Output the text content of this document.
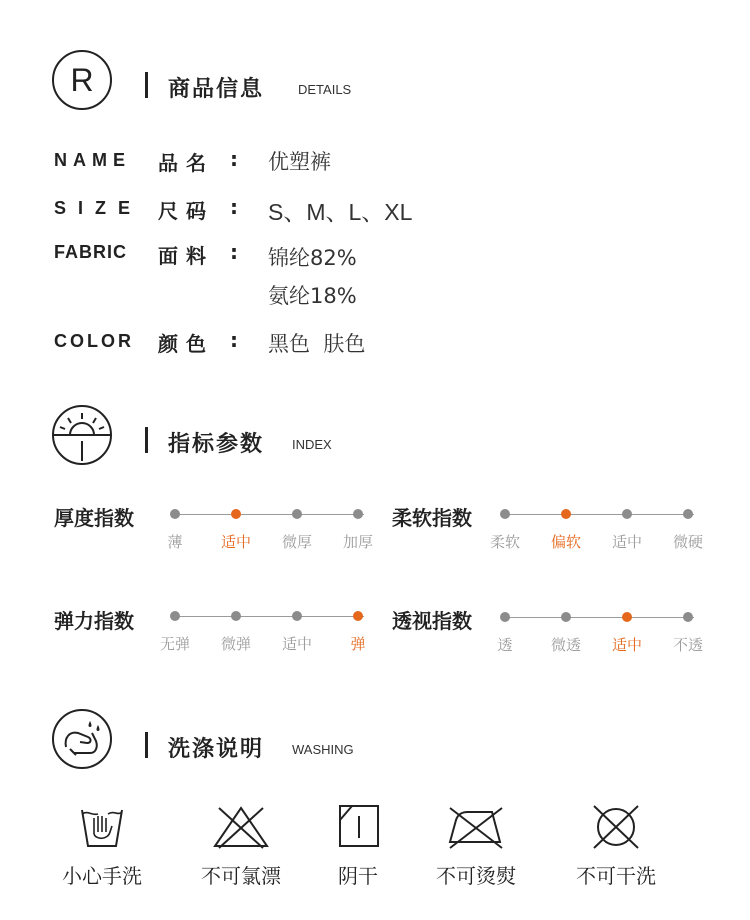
R	商品信息	DETAILS
NAME 品名 : 优塑裤
SIZE 尺码 : S、M、L、XL
FABRIC 面料 : 锦纶82%
氨纶18%
COLOR 颜色 : 黑色  肤色
指标参数 INDEX
厚度指数
薄	适中	微厚	加厚
柔软指数
柔软	偏软	适中	微硬
弹力指数
无弹	微弹	适中	弹
透视指数
透	微透	适中	不透
洗涤说明 WASHING
小心手洗	不可氯漂	阴干	不可烫熨	不可干洗
